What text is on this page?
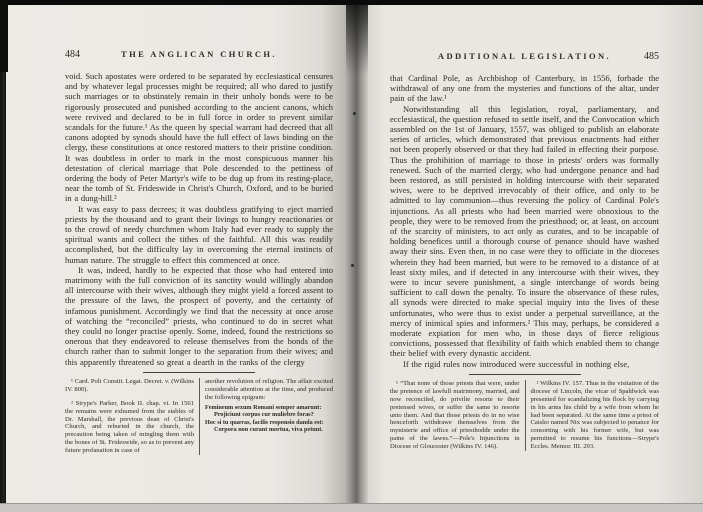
484	THE ANGLICAN CHURCH.

void. Such apostates were ordered to be separated by ecclesiastical censures and by whatever legal processes might be required; all who dared to justify such marriages or to obstinately remain in their unholy bonds were to be rigorously prosecuted and punished according to the ancient canons, which were revived and declared to be in full force in order to prevent similar scandals for the future.¹ As the queen by special warrant had decreed that all canons adopted by synods should have the full effect of laws binding on the clergy, these constitutions at once restored matters to their pristine condition. It was doubtless in order to mark in the most conspicuous manner his detestation of clerical marriage that Pole descended to the pettiness of ordering the body of Peter Martyr's wife to be dug up from its resting-place, near the tomb of St. Frideswide in Christ's Church, Oxford, and to be buried in a dung-hill.²

It was easy to pass decrees; it was doubtless gratifying to eject married priests by the thousand and to grant their livings to hungry reactionaries or to the crowd of needy churchmen whom Italy had ever ready to supply the spiritual wants and collect the tithes of the faithful. All this was readily accomplished, but the difficulty lay in overcoming the eternal instincts of human nature. The struggle to effect this commenced at once.

It was, indeed, hardly to be expected that those who had entered into matrimony with the full conviction of its sanctity would willingly abandon all intercourse with their wives, although they might yield a forced assent to the pressure of the laws, the prospect of poverty, and the certainty of infamous punishment. Accordingly we find that the necessity at once arose of watching the “reconciled” priests, who continued to do in secret what they could no longer practise openly. Some, indeed, found the restrictions so onerous that they endeavored to release themselves from the bonds of the church rather than to submit longer to the separation from their wives; and this apparently threatened so great a dearth in the ranks of the clergy

¹ Card. Poli Constit. Legat. Decret. v. (Wilkins IV. 800).

² Strype's Parker, Book II. chap. vi. In 1561 the remains were exhumed from the stables of Dr. Marshall, the previous dean of Christ's Church, and reburied in the church, the precaution being taken of mingling them with the bones of St. Frideswide, so as to prevent any future profanation in case of

another revolution of religion. The affair excited considerable attention at the time, and produced the following epigram:

Femineum sexum Romani semper amarunt:
Projiciunt corpus cur muliebre foras?
Hoc si tu quæras, facilis responsio danda est:
Corpora non curant mortua, viva petunt.
ADDITIONAL LEGISLATION.	485

that Cardinal Pole, as Archbishop of Canterbury, in 1556, forbade the withdrawal of any one from the mysteries and functions of the altar, under pain of the law.¹

Notwithstanding all this legislation, royal, parliamentary, and ecclesiastical, the question refused to settle itself, and the Convocation which assembled on the 1st of January, 1557, was obliged to publish an elaborate series of articles, which demonstrated that previous enactments had either not been properly observed or that they had failed in effecting their purpose. Thus the prohibition of marriage to those in priests' orders was formally renewed. Such of the married clergy, who had undergone penance and had been restored, as still persisted in holding intercourse with their separated wives, were to be deprived irrevocably of their office, and only to be admitted to lay communion—thus reversing the policy of Cardinal Pole's injunctions. As all priests who had been married were obnoxious to the people, they were to be removed from the priesthood; or, at least, on account of the scarcity of ministers, to act only as curates, and to be incapable of holding benefices until a thorough course of penance should have washed away their sins. Even then, in no case were they to officiate in the dioceses wherein they had been married, but were to be removed to a distance of at least sixty miles, and if detected in any intercourse with their wives, they were to incur severe punishment, a single interchange of words being sufficient to call down the penalty. To insure the observance of these rules, all synods were directed to make special inquiry into the lives of these unfortunates, who were thus to exist under a perpetual surveillance, at the mercy of inimical spies and informers.² This may, perhaps, be considered a moderate expiation for men who, in those days of fierce religious convictions, possessed that flexibility of faith which enabled them to change their belief with every dynastic accident.

If the rigid rules now introduced were successful in nothing else,

¹ “That none of those priests that were, under the pretence of lawfull matrimony, married, and now reconciled, do privilie resorte to their pretensed wives, or suffer the same to resorte unto them. And that those priests do in no wise henceforth withdrawe themselves from the mynisterie and office of priesthodde under the paine of the lawes.”—Pole's Injunctions in Diocese of Gloucester (Wilkins IV. 146).

² Wilkins IV. 157. Thus in the visitation of the diocese of Lincoln, the vicar of Spaldwick was presented for scandalizing his flock by carrying in his arms his child by a wife from whom he had been separated. At the same time a priest of Caisho named Nix was subjected to penance for consorting with his former wife, but was permitted to resume his functions—Strype's Eccles. Memor. III. 293.
